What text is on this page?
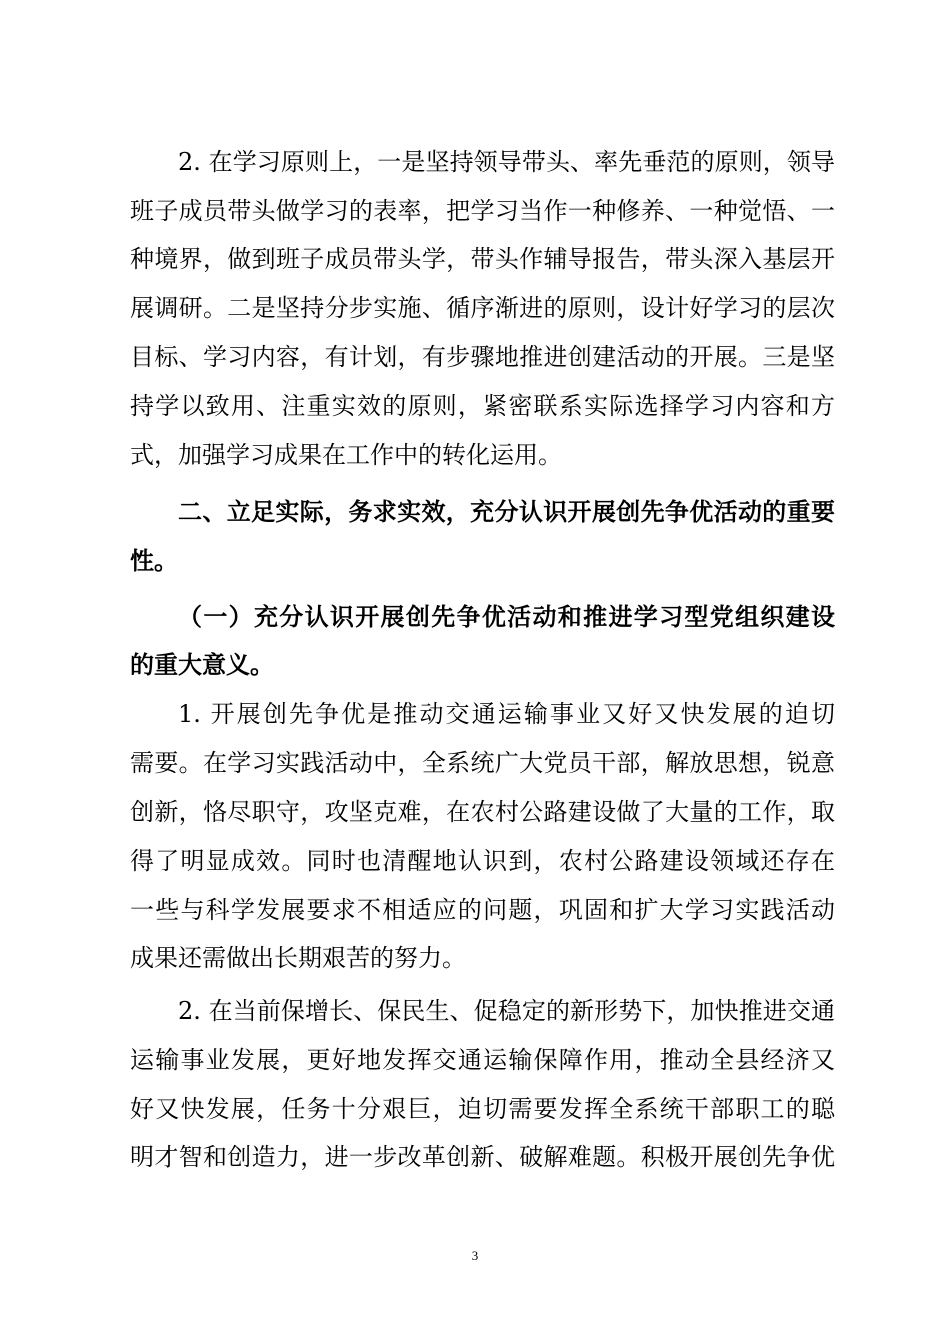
2. 在学习原则上，一是坚持领导带头、率先垂范的原则，领导
班子成员带头做学习的表率，把学习当作一种修养、一种觉悟、一
种境界，做到班子成员带头学，带头作辅导报告，带头深入基层开
展调研。二是坚持分步实施、循序渐进的原则，设计好学习的层次
目标、学习内容，有计划，有步骤地推进创建活动的开展。三是坚
持学以致用、注重实效的原则，紧密联系实际选择学习内容和方
式，加强学习成果在工作中的转化运用。
二、立足实际，务求实效，充分认识开展创先争优活动的重要
性。
（一）充分认识开展创先争优活动和推进学习型党组织建设
的重大意义。
1. 开展创先争优是推动交通运输事业又好又快发展的迫切
需要。在学习实践活动中，全系统广大党员干部，解放思想，锐意
创新，恪尽职守，攻坚克难，在农村公路建设做了大量的工作，取
得了明显成效。同时也清醒地认识到，农村公路建设领域还存在
一些与科学发展要求不相适应的问题，巩固和扩大学习实践活动
成果还需做出长期艰苦的努力。
2. 在当前保增长、保民生、促稳定的新形势下，加快推进交通
运输事业发展，更好地发挥交通运输保障作用，推动全县经济又
好又快发展，任务十分艰巨，迫切需要发挥全系统干部职工的聪
明才智和创造力，进一步改革创新、破解难题。积极开展创先争优
3
